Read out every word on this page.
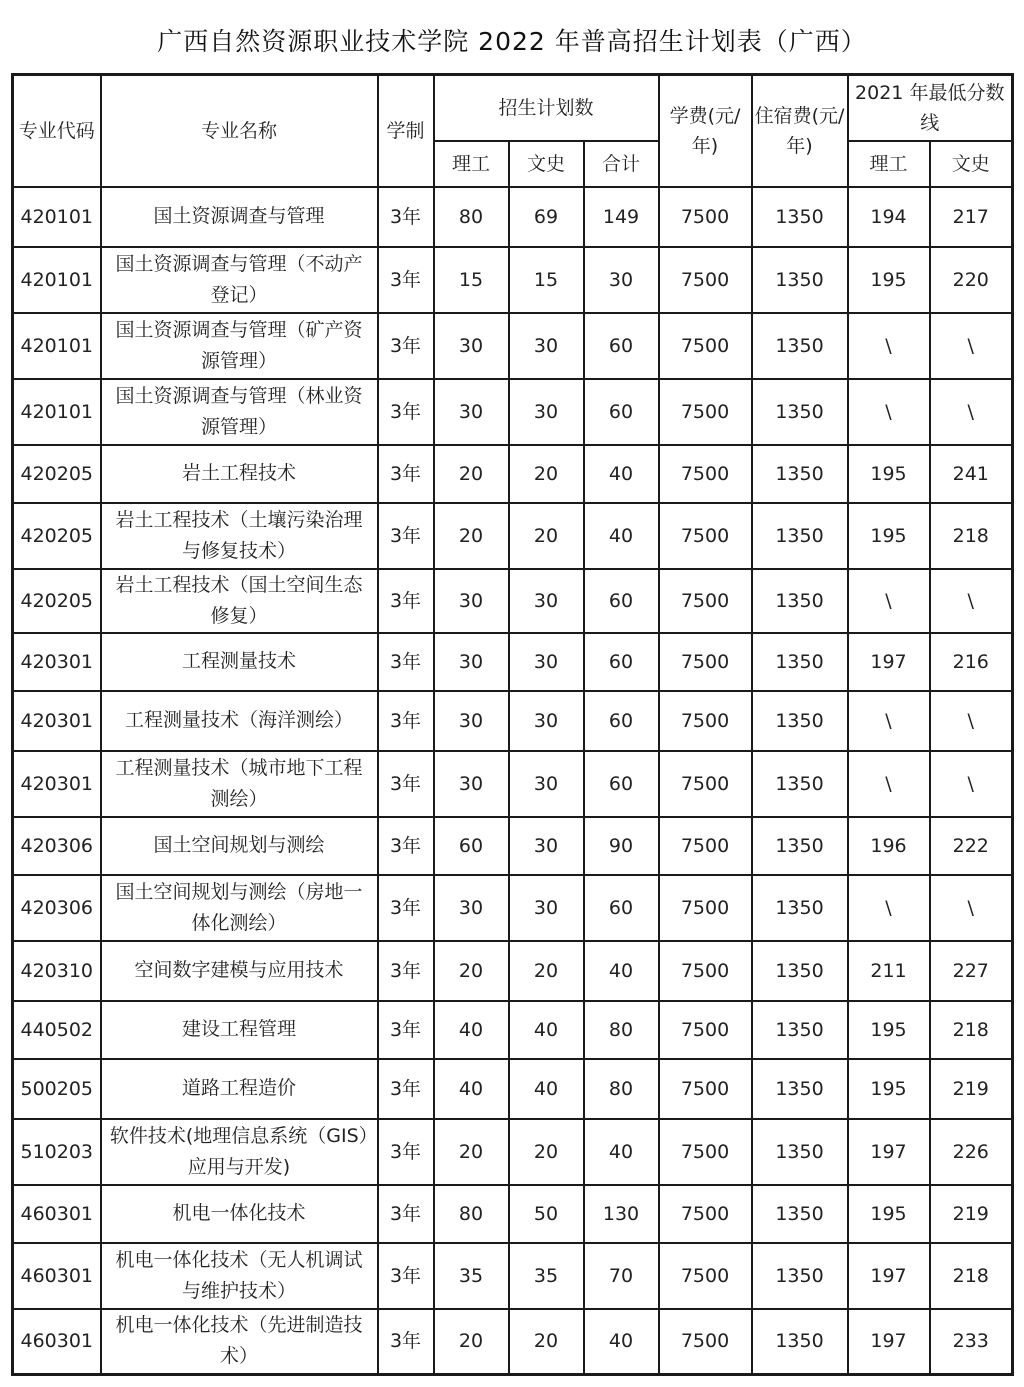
广西自然资源职业技术学院 2022 年普高招生计划表（广西）
专业代码	专业名称	学制	招生计划数			学费(元/年)	住宿费(元/年)	2021 年最低分数线	
			理工	文史	合计			理工	文史
420101	国土资源调查与管理	3年	80	69	149	7500	1350	194	217
420101	国土资源调查与管理（不动产登记）	3年	15	15	30	7500	1350	195	220
420101	国土资源调查与管理（矿产资源管理）	3年	30	30	60	7500	1350	\	\
420101	国土资源调查与管理（林业资源管理）	3年	30	30	60	7500	1350	\	\
420205	岩土工程技术	3年	20	20	40	7500	1350	195	241
420205	岩土工程技术（土壤污染治理与修复技术）	3年	20	20	40	7500	1350	195	218
420205	岩土工程技术（国土空间生态修复）	3年	30	30	60	7500	1350	\	\
420301	工程测量技术	3年	30	30	60	7500	1350	197	216
420301	工程测量技术（海洋测绘）	3年	30	30	60	7500	1350	\	\
420301	工程测量技术（城市地下工程测绘）	3年	30	30	60	7500	1350	\	\
420306	国土空间规划与测绘	3年	60	30	90	7500	1350	196	222
420306	国土空间规划与测绘（房地一体化测绘）	3年	30	30	60	7500	1350	\	\
420310	空间数字建模与应用技术	3年	20	20	40	7500	1350	211	227
440502	建设工程管理	3年	40	40	80	7500	1350	195	218
500205	道路工程造价	3年	40	40	80	7500	1350	195	219
510203	软件技术(地理信息系统（GIS）应用与开发)	3年	20	20	40	7500	1350	197	226
460301	机电一体化技术	3年	80	50	130	7500	1350	195	219
460301	机电一体化技术（无人机调试与维护技术）	3年	35	35	70	7500	1350	197	218
460301	机电一体化技术（先进制造技术）	3年	20	20	40	7500	1350	197	233
